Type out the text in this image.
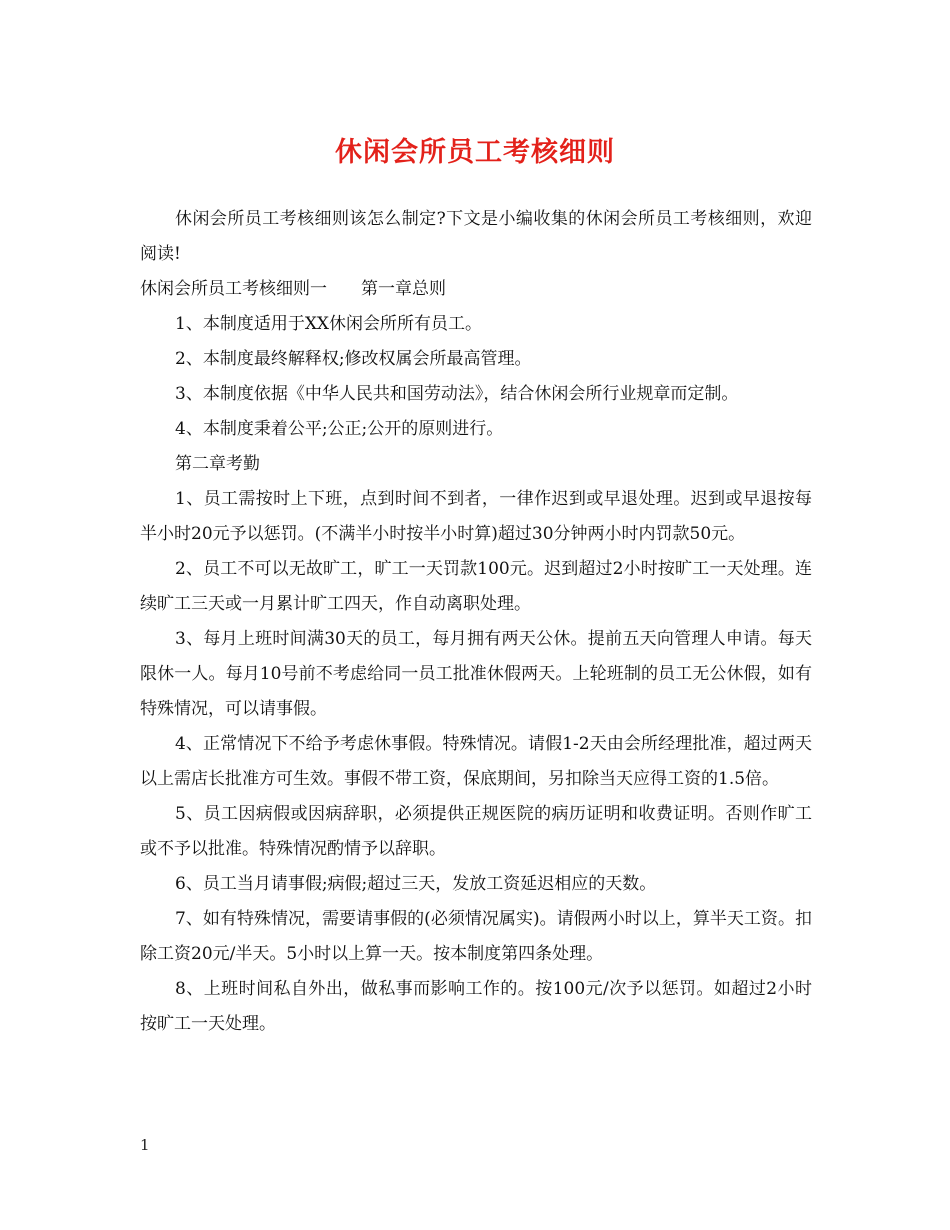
休闲会所员工考核细则

休闲会所员工考核细则该怎么制定?下文是小编收集的休闲会所员工考核细则，欢迎阅读!

休闲会所员工考核细则一 第一章总则

1、本制度适用于XX休闲会所所有员工。

2、本制度最终解释权;修改权属会所最高管理。

3、本制度依据《中华人民共和国劳动法》，结合休闲会所行业规章而定制。

4、本制度秉着公平;公正;公开的原则进行。

第二章考勤

1、员工需按时上下班，点到时间不到者，一律作迟到或早退处理。迟到或早退按每半小时20元予以惩罚。(不满半小时按半小时算)超过30分钟两小时内罚款50元。

2、员工不可以无故旷工，旷工一天罚款100元。迟到超过2小时按旷工一天处理。连续旷工三天或一月累计旷工四天，作自动离职处理。

3、每月上班时间满30天的员工，每月拥有两天公休。提前五天向管理人申请。每天限休一人。每月10号前不考虑给同一员工批准休假两天。上轮班制的员工无公休假，如有特殊情况，可以请事假。

4、正常情况下不给予考虑休事假。特殊情况。请假1-2天由会所经理批准，超过两天以上需店长批准方可生效。事假不带工资，保底期间，另扣除当天应得工资的1.5倍。

5、员工因病假或因病辞职，必须提供正规医院的病历证明和收费证明。否则作旷工或不予以批准。特殊情况酌情予以辞职。

6、员工当月请事假;病假;超过三天，发放工资延迟相应的天数。

7、如有特殊情况，需要请事假的(必须情况属实)。请假两小时以上，算半天工资。扣除工资20元/半天。5小时以上算一天。按本制度第四条处理。

8、上班时间私自外出，做私事而影响工作的。按100元/次予以惩罚。如超过2小时按旷工一天处理。

1
